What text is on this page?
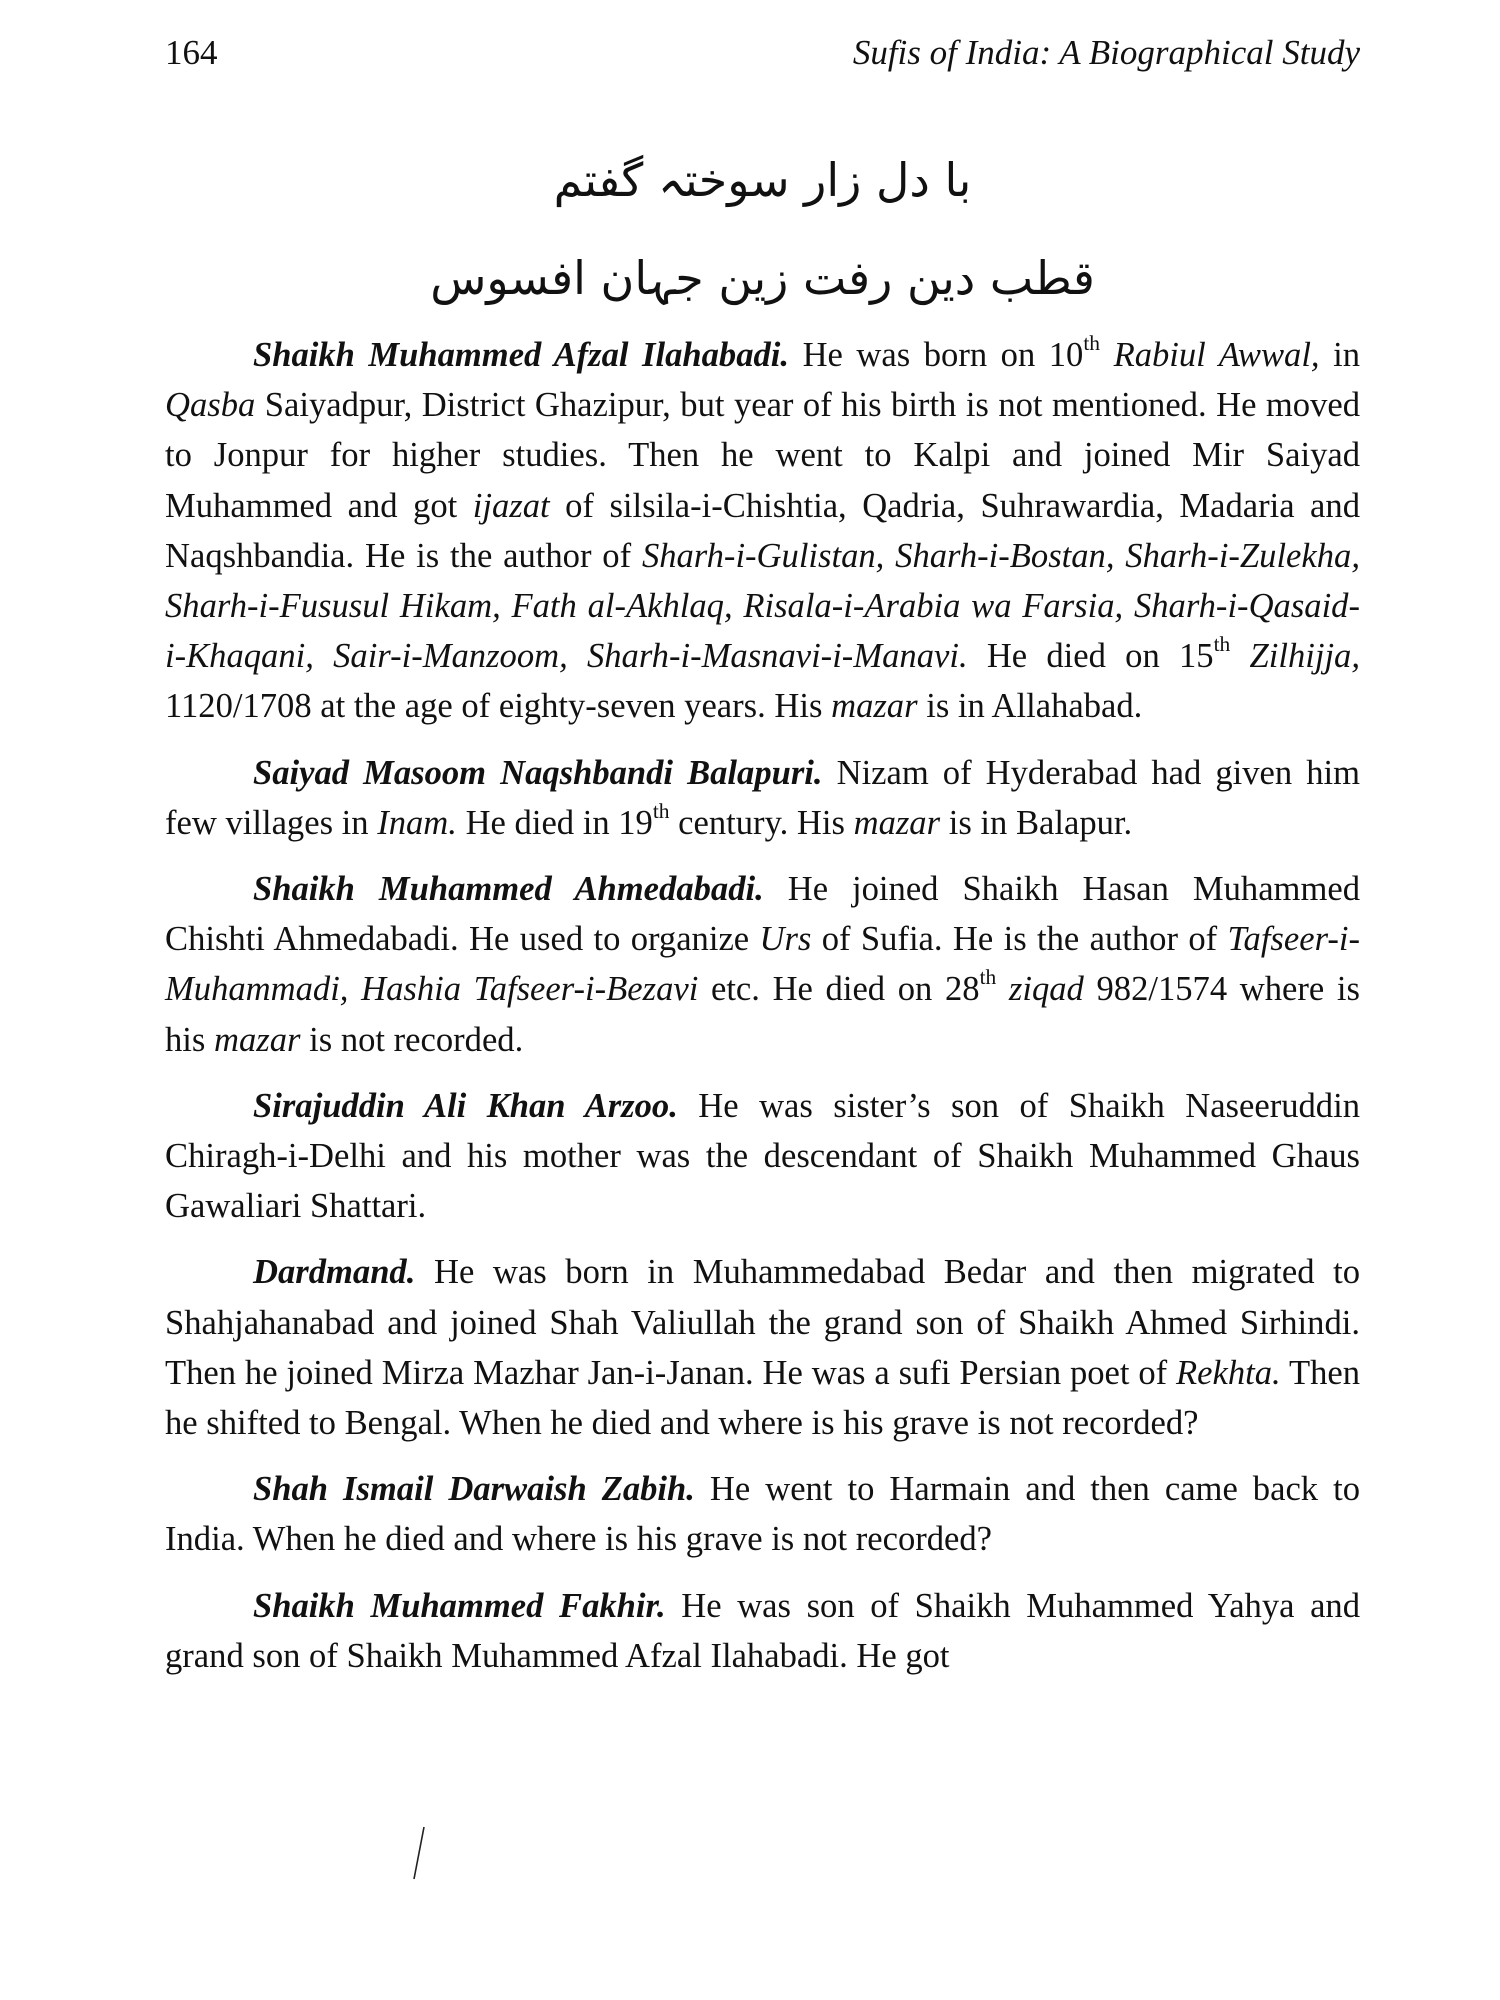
164	Sufis of India: A Biographical Study
با دل زار سوختہ گفتم
قطب دین رفت زین جہان افسوس

Shaikh Muhammed Afzal Ilahabadi. He was born on 10th Rabiul Awwal, in Qasba Saiyadpur, District Ghazipur, but year of his birth is not mentioned. He moved to Jonpur for higher studies. Then he went to Kalpi and joined Mir Saiyad Muhammed and got ijazat of silsila-i-Chishtia, Qadria, Suhrawardia, Madaria and Naqshbandia. He is the author of Sharh-i-Gulistan, Sharh-i-Bostan, Sharh-i-Zulekha, Sharh-i-Fususul Hikam, Fath al-Akhlaq, Risala-i-Arabia wa Farsia, Sharh-i-Qasaid-i-Khaqani, Sair-i-Manzoom, Sharh-i-Masnavi-i-Manavi. He died on 15th Zilhijja, 1120/1708 at the age of eighty-seven years. His mazar is in Allahabad.

Saiyad Masoom Naqshbandi Balapuri. Nizam of Hyderabad had given him few villages in Inam. He died in 19th century. His mazar is in Balapur.

Shaikh Muhammed Ahmedabadi. He joined Shaikh Hasan Muhammed Chishti Ahmedabadi. He used to organize Urs of Sufia. He is the author of Tafseer-i-Muhammadi, Hashia Tafseer-i-Bezavi etc. He died on 28th ziqad 982/1574 where is his mazar is not recorded.

Sirajuddin Ali Khan Arzoo. He was sister’s son of Shaikh Naseeruddin Chiragh-i-Delhi and his mother was the descendant of Shaikh Muhammed Ghaus Gawaliari Shattari.

Dardmand. He was born in Muhammedabad Bedar and then migrated to Shahjahanabad and joined Shah Valiullah the grand son of Shaikh Ahmed Sirhindi. Then he joined Mirza Mazhar Jan-i-Janan. He was a sufi Persian poet of Rekhta. Then he shifted to Bengal. When he died and where is his grave is not recorded?

Shah Ismail Darwaish Zabih. He went to Harmain and then came back to India. When he died and where is his grave is not recorded?

Shaikh Muhammed Fakhir. He was son of Shaikh Muhammed Yahya and grand son of Shaikh Muhammed Afzal Ilahabadi. He got
